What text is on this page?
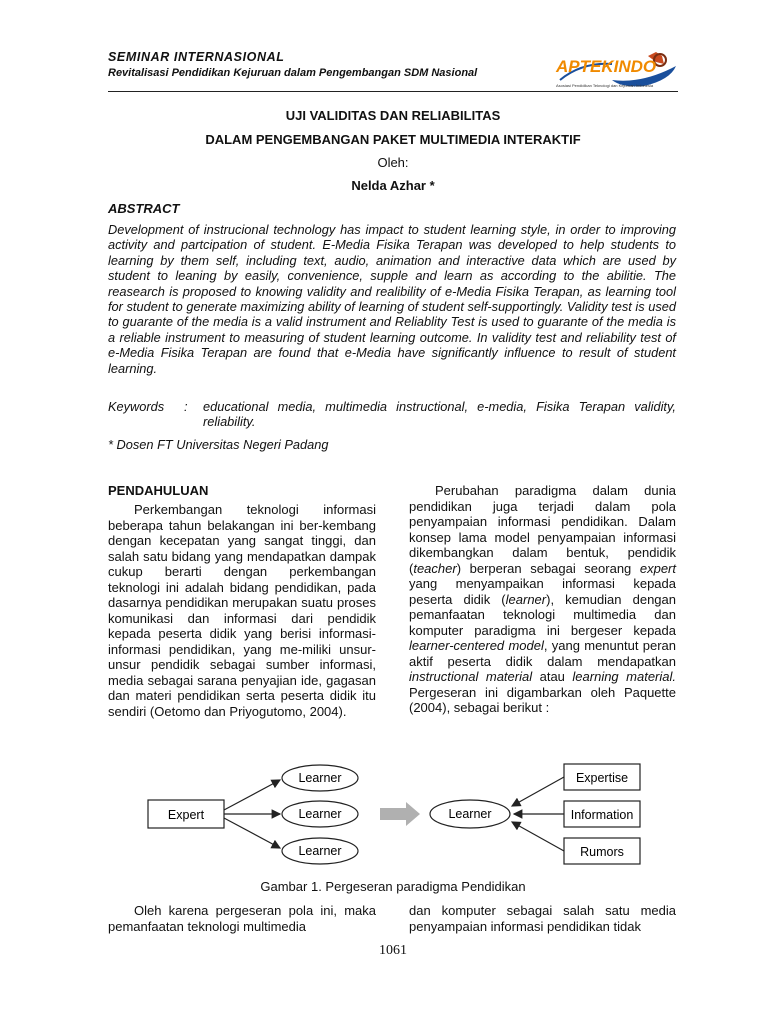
SEMINAR INTERNASIONAL
Revitalisasi Pendidikan Kejuruan dalam Pengembangan SDM Nasional	APTEKINDO
Asosiasi Pendidikan Teknologi dan Kejuruan Indonesia
UJI VALIDITAS DAN RELIABILITAS
DALAM PENGEMBANGAN PAKET MULTIMEDIA INTERAKTIF
Oleh:
Nelda Azhar *
ABSTRACT
Development of instrucional technology has impact to student learning style, in order to improving activity and partcipation of student. E-Media Fisika Terapan was developed to help students to learning by them self, including text, audio, animation and interactive data which are used by student to leaning by easily, convenience, supple and learn as according to the abilitie. The reasearch is proposed to knowing validity and realibility of e-Media Fisika Terapan, as learning tool for student to generate maximizing ability of learning of student self-supportingly. Validity test is used to guarante of the media is a valid instrument and Reliablity Test is used to guarante of the media is a reliable instrument to measuring of student learning outcome. In validity test and reliability test of e-Media Fisika Terapan are found that e-Media have significantly influence to result of student learning.
Keywords : educational media, multimedia instructional, e-media, Fisika Terapan validity, reliability.
* Dosen FT Universitas Negeri Padang
PENDAHULUAN

Perkembangan teknologi informasi beberapa tahun belakangan ini ber-kembang dengan kecepatan yang sangat tinggi, dan salah satu bidang yang mendapatkan dampak cukup berarti dengan perkembangan teknologi ini adalah bidang pendidikan, pada dasarnya pendidikan merupakan suatu proses komunikasi dan informasi dari pendidik kepada peserta didik yang berisi informasi-informasi pendidikan, yang me-miliki unsur-unsur pendidik sebagai sumber informasi, media sebagai sarana penyajian ide, gagasan dan materi pendidikan serta peserta didik itu sendiri (Oetomo dan Priyogutomo, 2004).

Perubahan paradigma dalam dunia pendidikan juga terjadi dalam pola penyampaian informasi pendidikan. Dalam konsep lama model penyampaian informasi dikembangkan dalam bentuk, pendidik (teacher) berperan sebagai seorang expert yang menyampaikan informasi kepada peserta didik (learner), kemudian dengan pemanfaatan teknologi multimedia dan komputer paradigma ini bergeser kepada learner-centered model, yang menuntut peran aktif peserta didik dalam mendapatkan instructional material atau learning material. Pergeseran ini digambarkan oleh Paquette (2004), sebagai berikut :

Expert
Learner
Learner
Learner
Learner
Expertise
Information
Rumors
Gambar 1. Pergeseran paradigma Pendidikan

Oleh karena pergeseran pola ini, maka pemanfaatan teknologi multimedia

dan komputer sebagai salah satu media penyampaian informasi pendidikan tidak

1061
